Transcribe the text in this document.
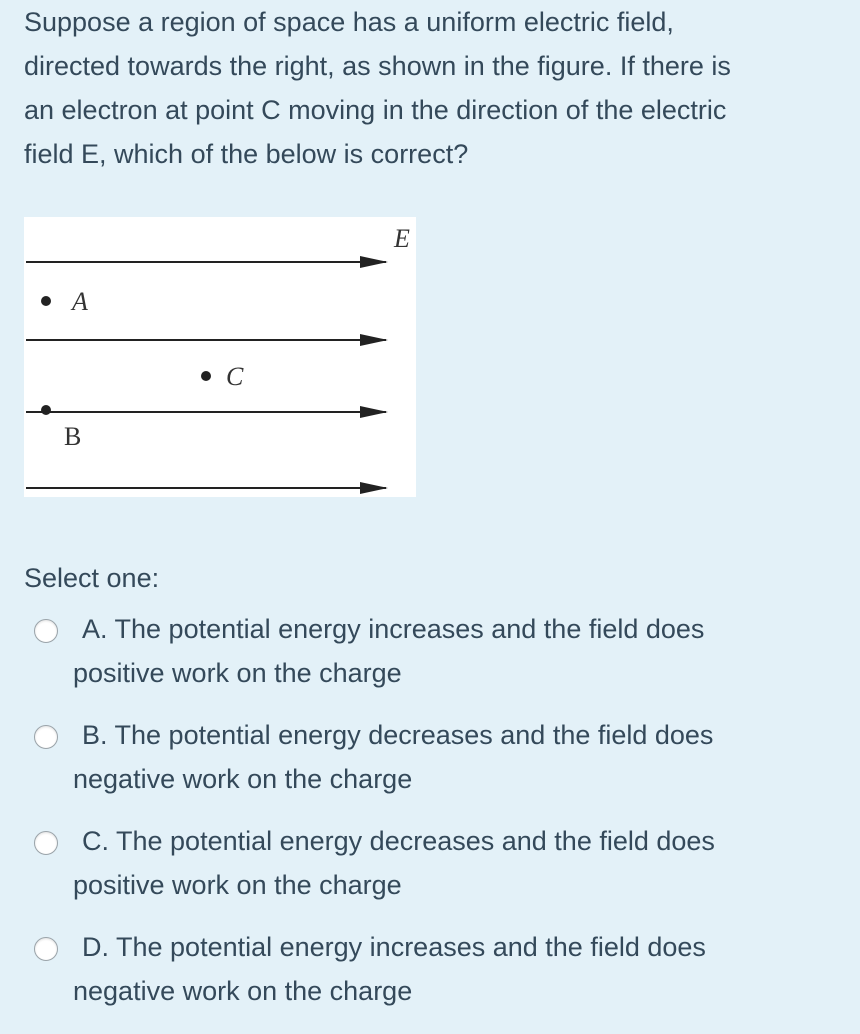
Suppose a region of space has a uniform electric field,
directed towards the right, as shown in the figure. If there is
an electron at point C moving in the direction of the electric
field E, which of the below is correct?
E
A
C
B
Select one:
A. The potential energy increases and the field does
positive work on the charge
B. The potential energy decreases and the field does
negative work on the charge
C. The potential energy decreases and the field does
positive work on the charge
D. The potential energy increases and the field does
negative work on the charge
